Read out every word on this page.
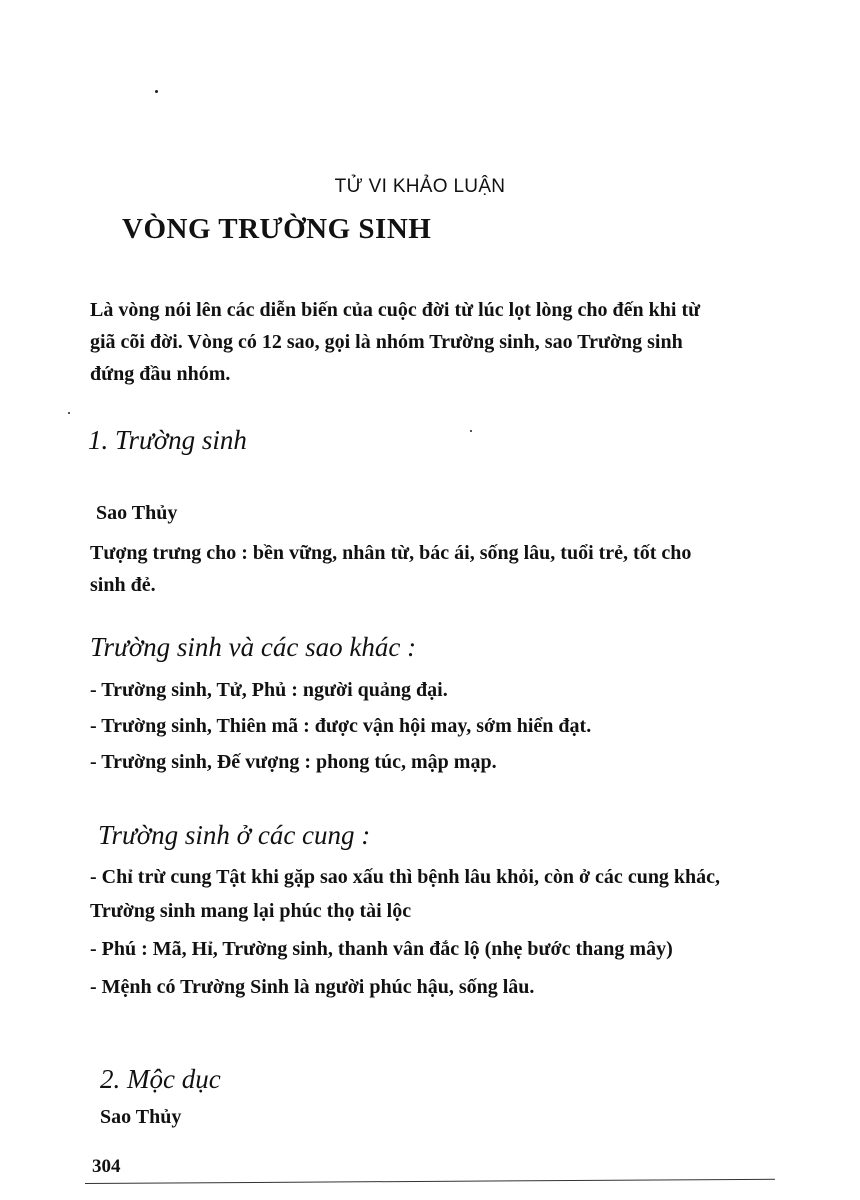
TỬ VI KHẢO LUẬN
VÒNG TRƯỜNG SINH
Là vòng nói lên các diễn biến của cuộc đời từ lúc lọt lòng cho đến khi từ giã cõi đời. Vòng có 12 sao, gọi là nhóm Trường sinh, sao Trường sinh đứng đầu nhóm.
1. Trường sinh
Sao Thủy
Tượng trưng cho : bền vững, nhân từ, bác ái, sống lâu, tuổi trẻ, tốt cho sinh đẻ.
Trường sinh và các sao khác :
- Trường sinh, Tử, Phủ : người quảng đại.
- Trường sinh, Thiên mã : được vận hội may, sớm hiển đạt.
- Trường sinh, Đế vượng : phong túc, mập mạp.
Trường sinh ở các cung :
- Chỉ trừ cung Tật khi gặp sao xấu thì bệnh lâu khỏi, còn ở các cung khác, Trường sinh mang lại phúc thọ tài lộc
- Phú : Mã, Hỉ, Trường sinh, thanh vân đắc lộ (nhẹ bước thang mây)
- Mệnh có Trường Sinh là người phúc hậu, sống lâu.
2. Mộc dục
Sao Thủy
304
